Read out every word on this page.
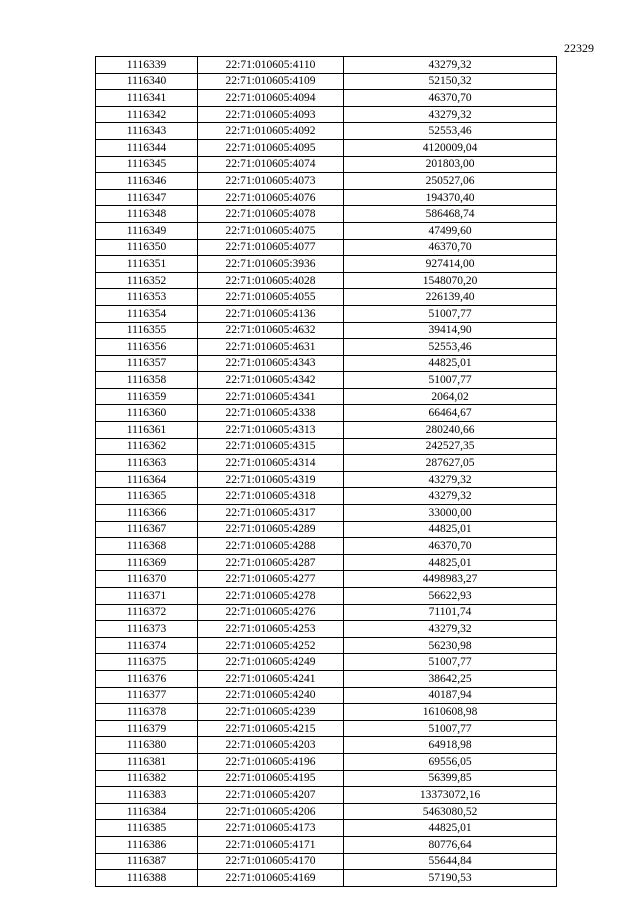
22329
1116339	22:71:010605:4110	43279,32
1116340	22:71:010605:4109	52150,32
1116341	22:71:010605:4094	46370,70
1116342	22:71:010605:4093	43279,32
1116343	22:71:010605:4092	52553,46
1116344	22:71:010605:4095	4120009,04
1116345	22:71:010605:4074	201803,00
1116346	22:71:010605:4073	250527,06
1116347	22:71:010605:4076	194370,40
1116348	22:71:010605:4078	586468,74
1116349	22:71:010605:4075	47499,60
1116350	22:71:010605:4077	46370,70
1116351	22:71:010605:3936	927414,00
1116352	22:71:010605:4028	1548070,20
1116353	22:71:010605:4055	226139,40
1116354	22:71:010605:4136	51007,77
1116355	22:71:010605:4632	39414,90
1116356	22:71:010605:4631	52553,46
1116357	22:71:010605:4343	44825,01
1116358	22:71:010605:4342	51007,77
1116359	22:71:010605:4341	2064,02
1116360	22:71:010605:4338	66464,67
1116361	22:71:010605:4313	280240,66
1116362	22:71:010605:4315	242527,35
1116363	22:71:010605:4314	287627,05
1116364	22:71:010605:4319	43279,32
1116365	22:71:010605:4318	43279,32
1116366	22:71:010605:4317	33000,00
1116367	22:71:010605:4289	44825,01
1116368	22:71:010605:4288	46370,70
1116369	22:71:010605:4287	44825,01
1116370	22:71:010605:4277	4498983,27
1116371	22:71:010605:4278	56622,93
1116372	22:71:010605:4276	71101,74
1116373	22:71:010605:4253	43279,32
1116374	22:71:010605:4252	56230,98
1116375	22:71:010605:4249	51007,77
1116376	22:71:010605:4241	38642,25
1116377	22:71:010605:4240	40187,94
1116378	22:71:010605:4239	1610608,98
1116379	22:71:010605:4215	51007,77
1116380	22:71:010605:4203	64918,98
1116381	22:71:010605:4196	69556,05
1116382	22:71:010605:4195	56399,85
1116383	22:71:010605:4207	13373072,16
1116384	22:71:010605:4206	5463080,52
1116385	22:71:010605:4173	44825,01
1116386	22:71:010605:4171	80776,64
1116387	22:71:010605:4170	55644,84
1116388	22:71:010605:4169	57190,53
